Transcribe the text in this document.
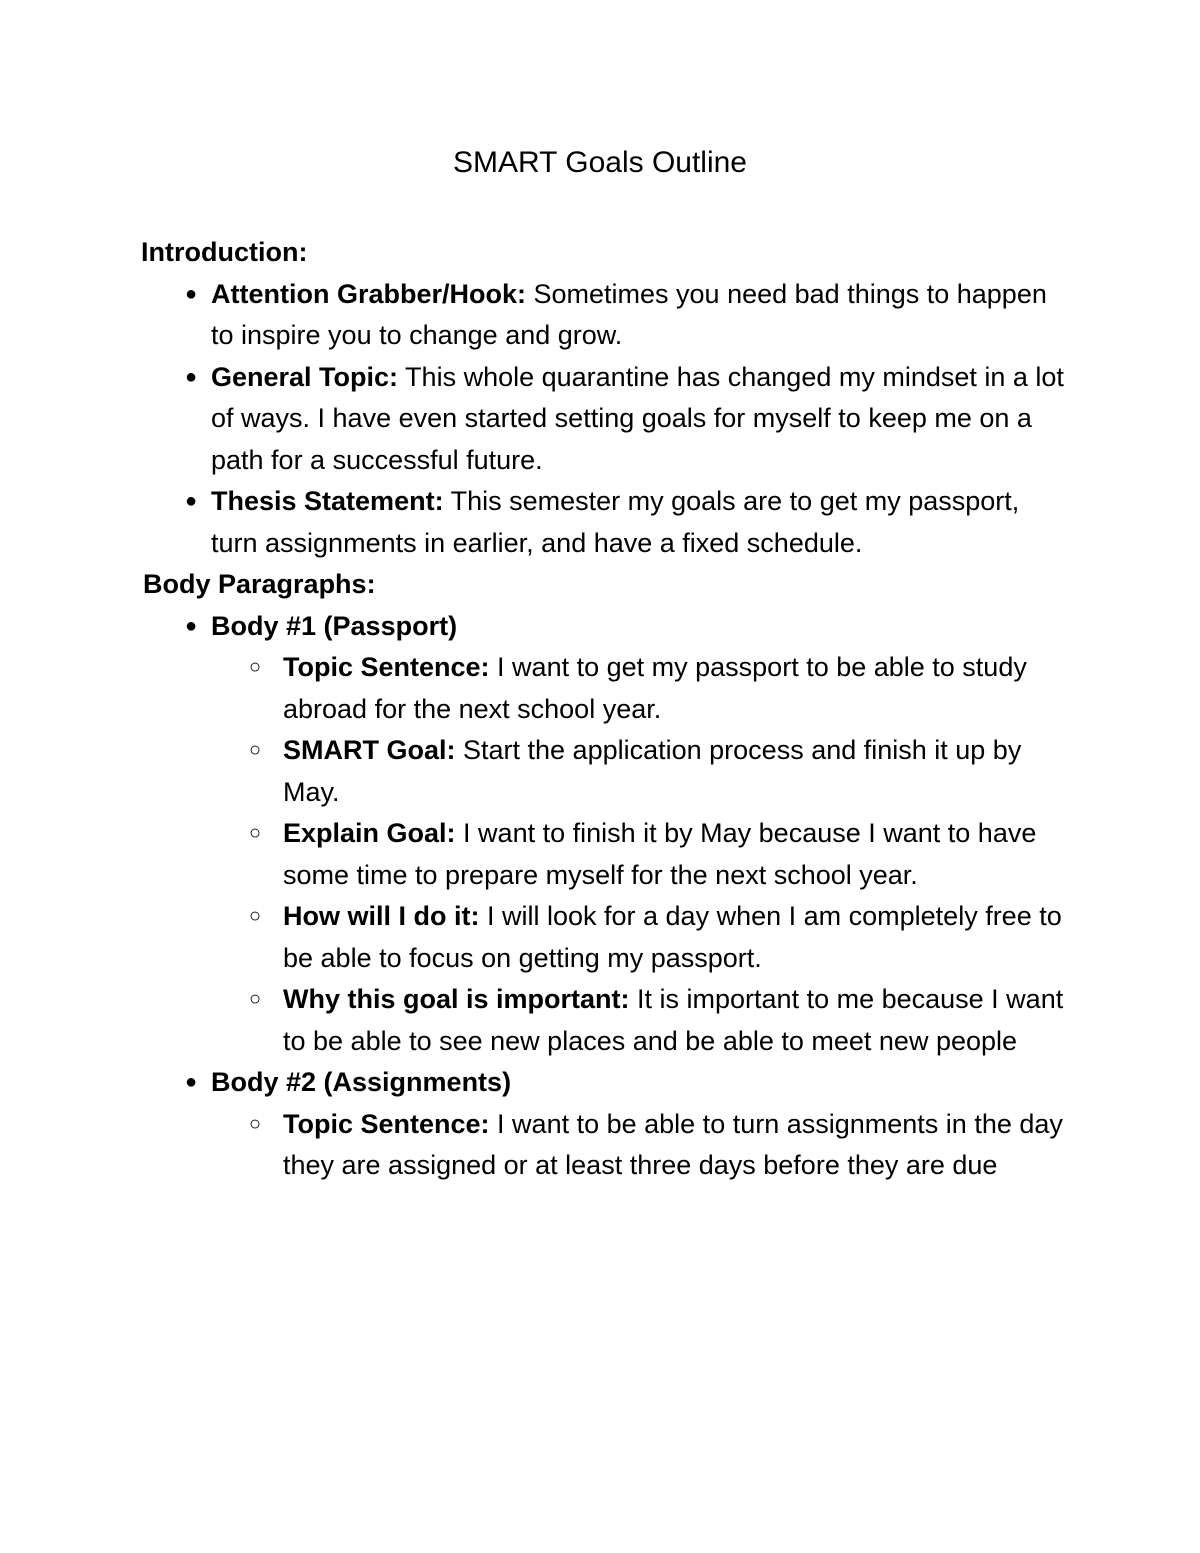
SMART Goals Outline

Introduction:

● Attention Grabber/Hook: Sometimes you need bad things to happen to inspire you to change and grow.
● General Topic: This whole quarantine has changed my mindset in a lot of ways. I have even started setting goals for myself to keep me on a path for a successful future.
● Thesis Statement: This semester my goals are to get my passport, turn assignments in earlier, and have a fixed schedule.

Body Paragraphs:

● Body #1 (Passport)
○ Topic Sentence: I want to get my passport to be able to study abroad for the next school year.
○ SMART Goal: Start the application process and finish it up by May.
○ Explain Goal: I want to finish it by May because I want to have some time to prepare myself for the next school year.
○ How will I do it: I will look for a day when I am completely free to be able to focus on getting my passport.
○ Why this goal is important: It is important to me because I want to be able to see new places and be able to meet new people
● Body #2 (Assignments)
○ Topic Sentence: I want to be able to turn assignments in the day they are assigned or at least three days before they are due
